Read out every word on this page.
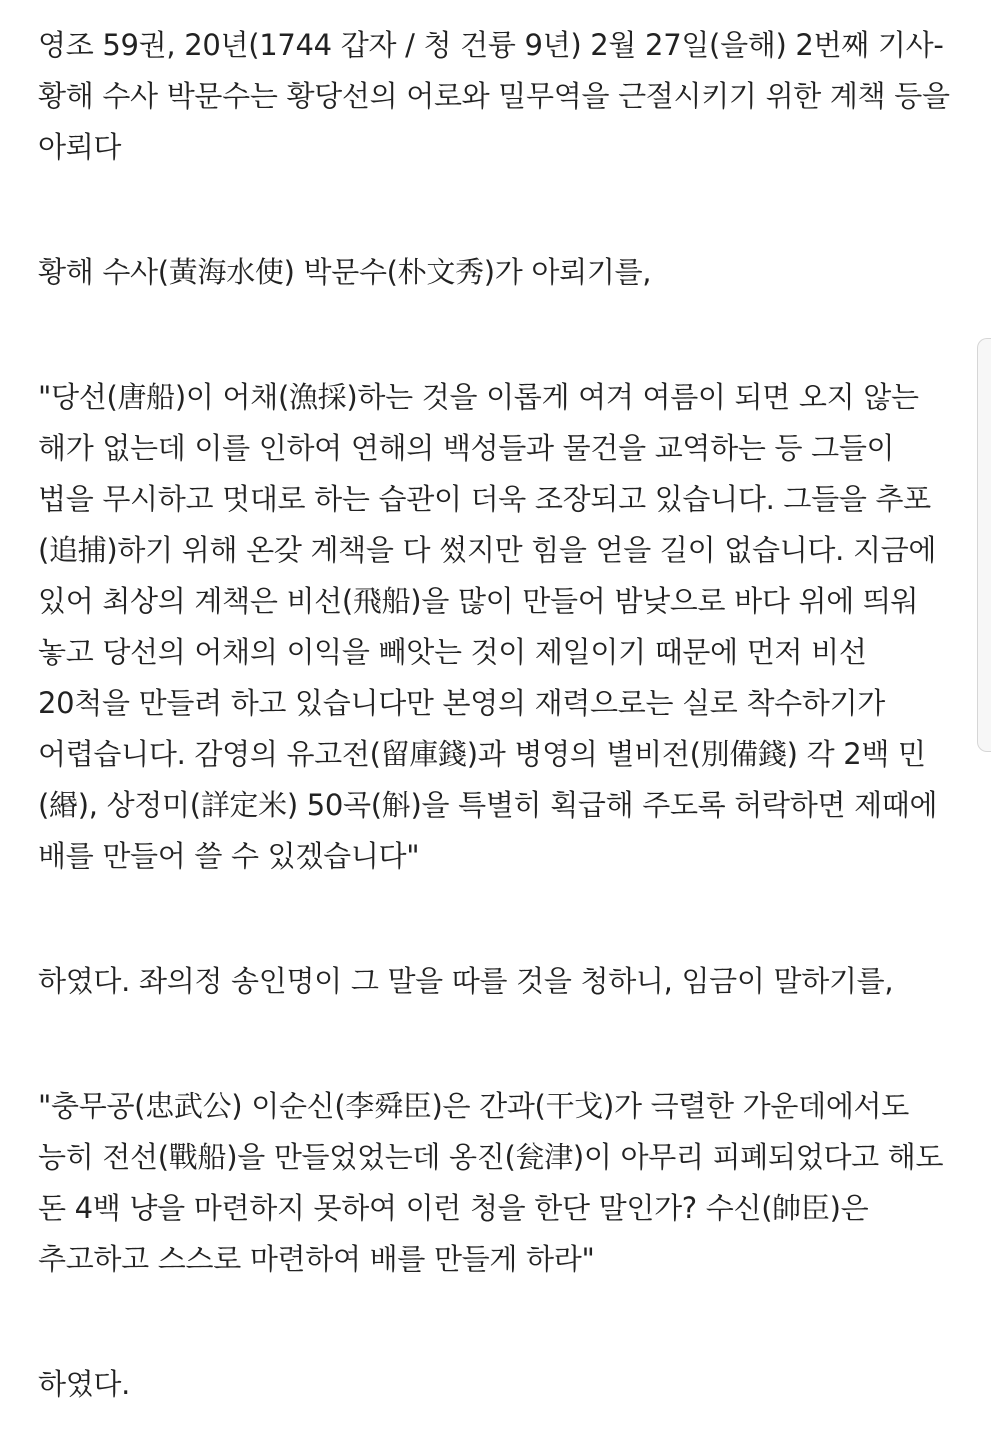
영조 59권, 20년(1744 갑자 / 청 건륭 9년) 2월 27일(을해) 2번째 기사-황해 수사 박문수는 황당선의 어로와 밀무역을 근절시키기 위한 계책 등을 아뢰다

황해 수사(黃海水使) 박문수(朴文秀)가 아뢰기를,

"당선(唐船)이 어채(漁採)하는 것을 이롭게 여겨 여름이 되면 오지 않는 해가 없는데 이를 인하여 연해의 백성들과 물건을 교역하는 등 그들이 법을 무시하고 멋대로 하는 습관이 더욱 조장되고 있습니다. 그들을 추포(追捕)하기 위해 온갖 계책을 다 썼지만 힘을 얻을 길이 없습니다. 지금에 있어 최상의 계책은 비선(飛船)을 많이 만들어 밤낮으로 바다 위에 띄워 놓고 당선의 어채의 이익을 빼앗는 것이 제일이기 때문에 먼저 비선 20척을 만들려 하고 있습니다만 본영의 재력으로는 실로 착수하기가 어렵습니다. 감영의 유고전(留庫錢)과 병영의 별비전(別備錢) 각 2백 민(緡), 상정미(詳定米) 50곡(斛)을 특별히 획급해 주도록 허락하면 제때에 배를 만들어 쓸 수 있겠습니다"

하였다. 좌의정 송인명이 그 말을 따를 것을 청하니, 임금이 말하기를,

"충무공(忠武公) 이순신(李舜臣)은 간과(干戈)가 극렬한 가운데에서도 능히 전선(戰船)을 만들었었는데 옹진(瓮津)이 아무리 피폐되었다고 해도 돈 4백 냥을 마련하지 못하여 이런 청을 한단 말인가? 수신(帥臣)은 추고하고 스스로 마련하여 배를 만들게 하라"

하였다.
